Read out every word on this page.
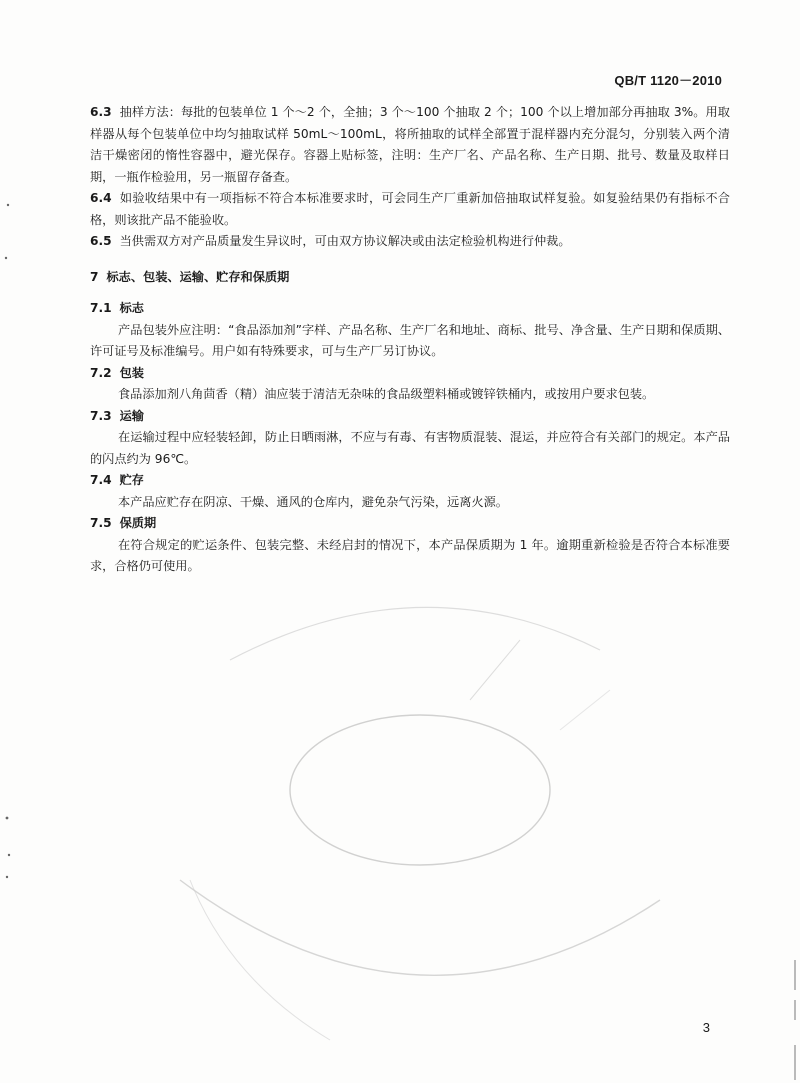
QB/T 1120－2010

6.3 抽样方法：每批的包装单位 1 个～2 个，全抽；3 个～100 个抽取 2 个；100 个以上增加部分再抽取 3%。用取样器从每个包装单位中均匀抽取试样 50mL～100mL，将所抽取的试样全部置于混样器内充分混匀，分别装入两个清洁干燥密闭的惰性容器中，避光保存。容器上贴标签，注明：生产厂名、产品名称、生产日期、批号、数量及取样日期，一瓶作检验用，另一瓶留存备查。

6.4 如验收结果中有一项指标不符合本标准要求时，可会同生产厂重新加倍抽取试样复验。如复验结果仍有指标不合格，则该批产品不能验收。

6.5 当供需双方对产品质量发生异议时，可由双方协议解决或由法定检验机构进行仲裁。

7 标志、包装、运输、贮存和保质期

7.1 标志

产品包装外应注明：“食品添加剂”字样、产品名称、生产厂名和地址、商标、批号、净含量、生产日期和保质期、许可证号及标准编号。用户如有特殊要求，可与生产厂另订协议。

7.2 包装

食品添加剂八角茴香（精）油应装于清洁无杂味的食品级塑料桶或镀锌铁桶内，或按用户要求包装。

7.3 运输

在运输过程中应轻装轻卸，防止日晒雨淋，不应与有毒、有害物质混装、混运，并应符合有关部门的规定。本产品的闪点约为 96℃。

7.4 贮存

本产品应贮存在阴凉、干燥、通风的仓库内，避免杂气污染，远离火源。

7.5 保质期

在符合规定的贮运条件、包装完整、未经启封的情况下，本产品保质期为 1 年。逾期重新检验是否符合本标准要求，合格仍可使用。

3
